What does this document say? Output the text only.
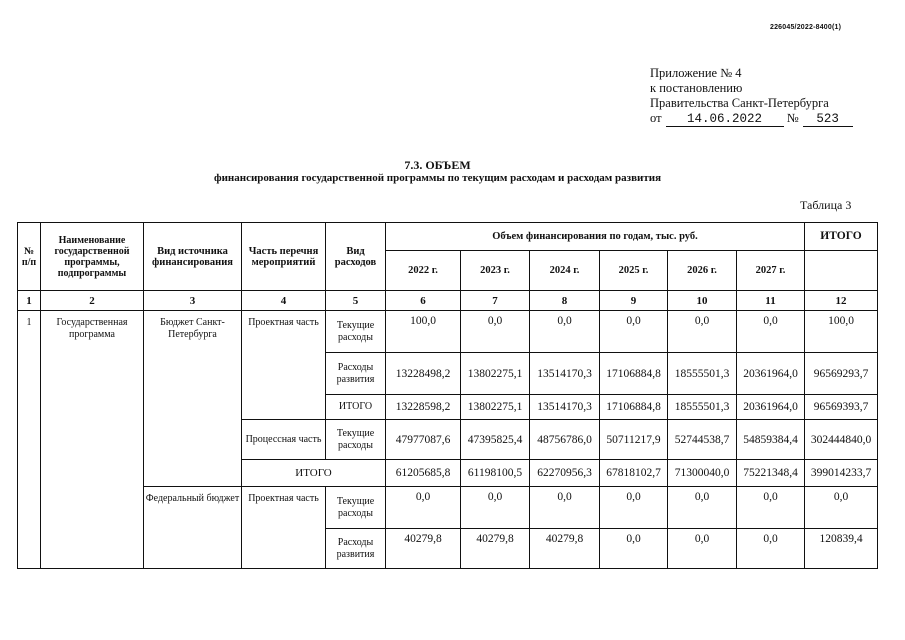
226045/2022-8400(1)
Приложение № 4
к постановлению
Правительства Санкт-Петербурга
от 14.06.2022 № 523
7.3. ОБЪЕМ
финансирования государственной программы по текущим расходам и расходам развития
Таблица 3
№ п/п	Наименование государственной программы, подпрограммы	Вид источника финансирования	Часть перечня мероприятий	Вид расходов	Объем финансирования по годам, тыс. руб.						ИТОГО
					2022 г.	2023 г.	2024 г.	2025 г.	2026 г.	2027 г.	
1	2	3	4	5	6	7	8	9	10	11	12
1	Государственная программа	Бюджет Санкт-Петербурга	Проектная часть	Текущие расходы	100,0	0,0	0,0	0,0	0,0	0,0	100,0
				Расходы развития	13228498,2	13802275,1	13514170,3	17106884,8	18555501,3	20361964,0	96569293,7
				ИТОГО	13228598,2	13802275,1	13514170,3	17106884,8	18555501,3	20361964,0	96569393,7
			Процессная часть	Текущие расходы	47977087,6	47395825,4	48756786,0	50711217,9	52744538,7	54859384,4	302444840,0
			ИТОГО		61205685,8	61198100,5	62270956,3	67818102,7	71300040,0	75221348,4	399014233,7
		Федеральный бюджет	Проектная часть	Текущие расходы	0,0	0,0	0,0	0,0	0,0	0,0	0,0
				Расходы развития	40279,8	40279,8	40279,8	0,0	0,0	0,0	120839,4
